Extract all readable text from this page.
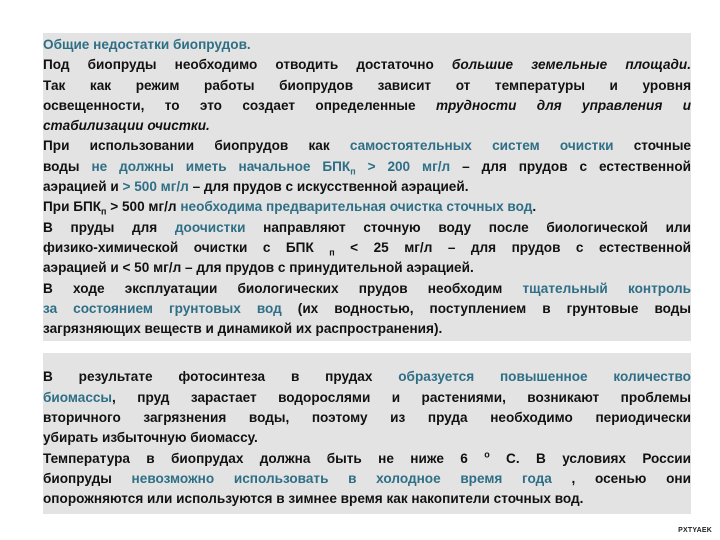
Общие недостатки биопрудов.
Под биопруды необходимо отводить достаточно большие земельные площади.
Так как режим работы биопрудов зависит от температуры и уровня
освещенности, то это создает определенные трудности для управления и
стабилизации очистки.
При использовании биопрудов как самостоятельных систем очистки сточные
воды не должны иметь начальное $БПК_п > 200$ мг/л – для прудов с естественной
аэрацией и > 500 мг/л – для прудов с искусственной аэрацией.
При $БПК_п > 500$ мг/л необходима предварительная очистка сточных вод.
В пруды для доочистки направляют сточную воду после биологической или
физико-химической очистки с БПК $_п$ < 25 мг/л – для прудов с естественной
аэрацией и < 50 мг/л – для прудов с принудительной аэрацией.
В ходе эксплуатации биологических прудов необходим тщательный контроль
за состоянием грунтовых вод (их водностью, поступлением в грунтовые воды
загрязняющих веществ и динамикой их распространения).
В результате фотосинтеза в прудах образуется повышенное количество
биомассы, пруд зарастает водорослями и растениями, возникают проблемы
вторичного загрязнения воды, поэтому из пруда необходимо периодически
убирать избыточную биомассу.
Температура в биопрудах должна быть не ниже 6 $^о$ С. В условиях России
биопруды невозможно использовать в холодное время года , осенью они
опорожняются или используются в зимнее время как накопители сточных вод.
PXTYAEK
